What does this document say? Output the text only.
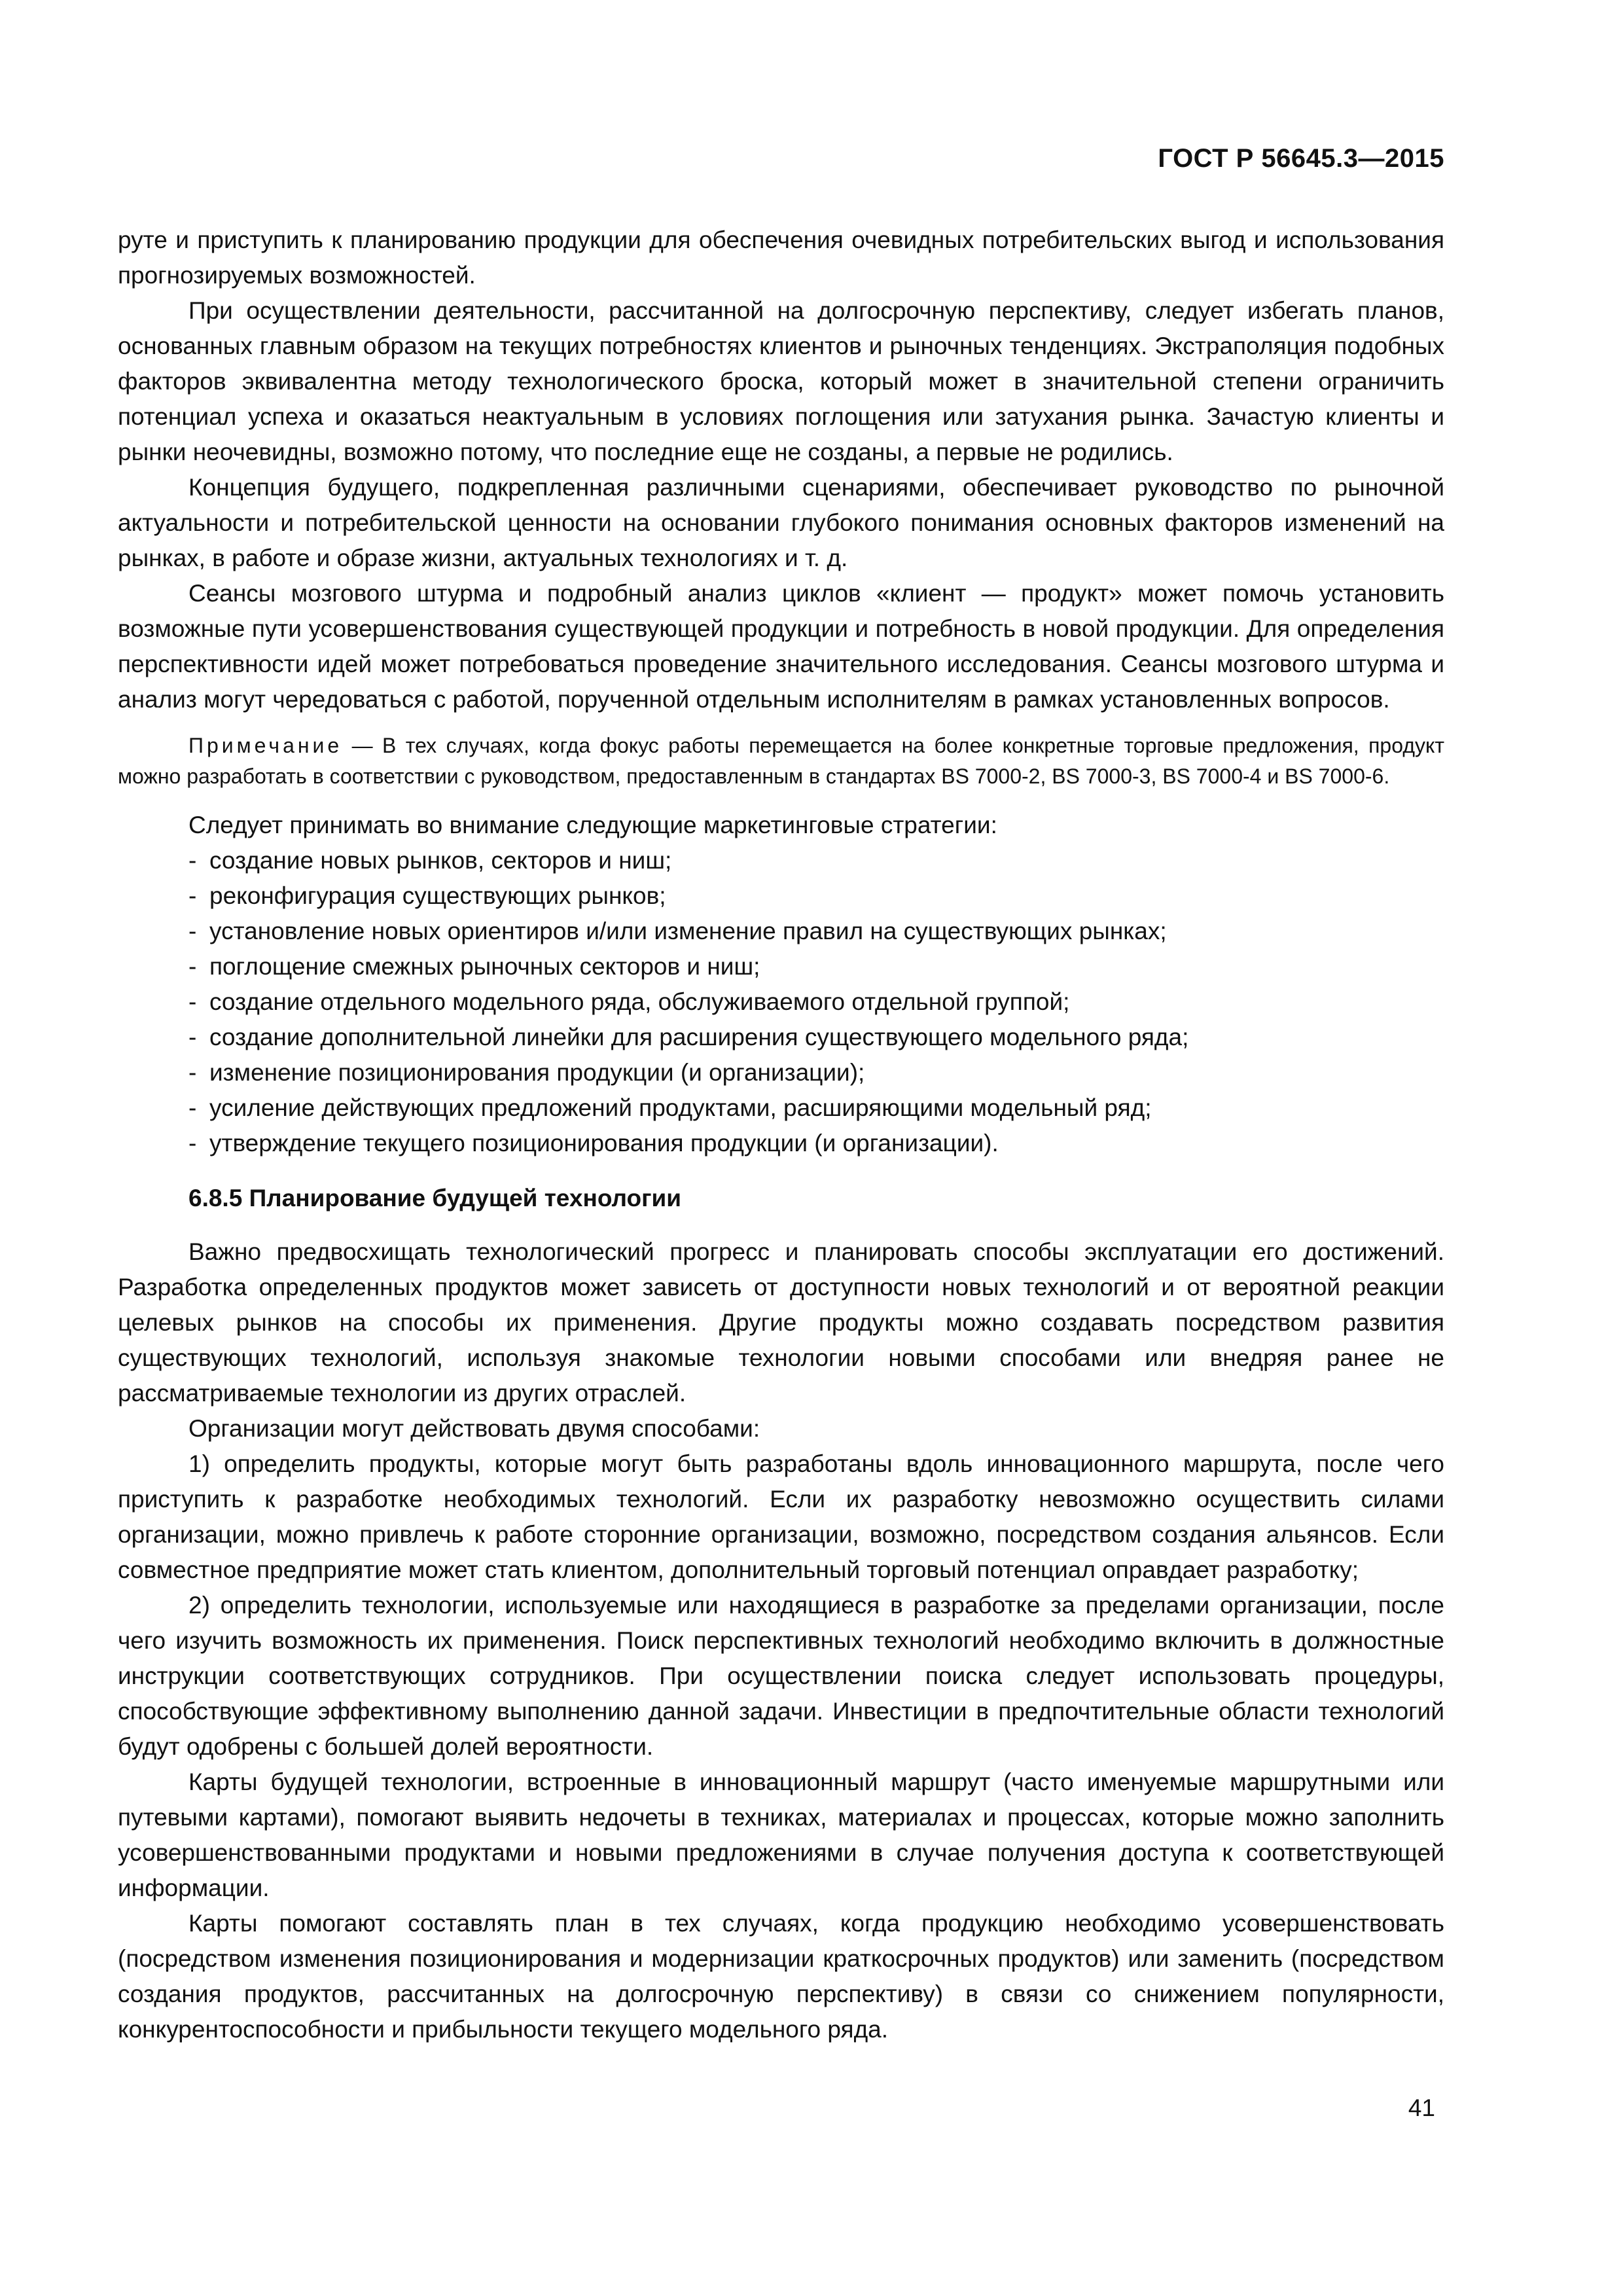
ГОСТ Р 56645.3—2015

руте и приступить к планированию продукции для обеспечения очевидных потребительских выгод и использования прогнозируемых возможностей.

При осуществлении деятельности, рассчитанной на долгосрочную перспективу, следует избегать планов, основанных главным образом на текущих потребностях клиентов и рыночных тенденциях. Экстраполяция подобных факторов эквивалентна методу технологического броска, который может в значительной степени ограничить потенциал успеха и оказаться неактуальным в условиях поглощения или затухания рынка. Зачастую клиенты и рынки неочевидны, возможно потому, что последние еще не созданы, а первые не родились.

Концепция будущего, подкрепленная различными сценариями, обеспечивает руководство по рыночной актуальности и потребительской ценности на основании глубокого понимания основных факторов изменений на рынках, в работе и образе жизни, актуальных технологиях и т. д.

Сеансы мозгового штурма и подробный анализ циклов «клиент — продукт» может помочь установить возможные пути усовершенствования существующей продукции и потребность в новой продукции. Для определения перспективности идей может потребоваться проведение значительного исследования. Сеансы мозгового штурма и анализ могут чередоваться с работой, порученной отдельным исполнителям в рамках установленных вопросов.

Примечание — В тех случаях, когда фокус работы перемещается на более конкретные торговые предложения, продукт можно разработать в соответствии с руководством, предоставленным в стандартах BS 7000-2, BS 7000-3, BS 7000-4 и BS 7000-6.

Следует принимать во внимание следующие маркетинговые стратегии:

- создание новых рынков, секторов и ниш;
- реконфигурация существующих рынков;
- установление новых ориентиров и/или изменение правил на существующих рынках;
- поглощение смежных рыночных секторов и ниш;
- создание отдельного модельного ряда, обслуживаемого отдельной группой;
- создание дополнительной линейки для расширения существующего модельного ряда;
- изменение позиционирования продукции (и организации);
- усиление действующих предложений продуктами, расширяющими модельный ряд;
- утверждение текущего позиционирования продукции (и организации).

6.8.5 Планирование будущей технологии

Важно предвосхищать технологический прогресс и планировать способы эксплуатации его достижений. Разработка определенных продуктов может зависеть от доступности новых технологий и от вероятной реакции целевых рынков на способы их применения. Другие продукты можно создавать посредством развития существующих технологий, используя знакомые технологии новыми способами или внедряя ранее не рассматриваемые технологии из других отраслей.

Организации могут действовать двумя способами:

1) определить продукты, которые могут быть разработаны вдоль инновационного маршрута, после чего приступить к разработке необходимых технологий. Если их разработку невозможно осуществить силами организации, можно привлечь к работе сторонние организации, возможно, посредством создания альянсов. Если совместное предприятие может стать клиентом, дополнительный торговый потенциал оправдает разработку;

2) определить технологии, используемые или находящиеся в разработке за пределами организации, после чего изучить возможность их применения. Поиск перспективных технологий необходимо включить в должностные инструкции соответствующих сотрудников. При осуществлении поиска следует использовать процедуры, способствующие эффективному выполнению данной задачи. Инвестиции в предпочтительные области технологий будут одобрены с большей долей вероятности.

Карты будущей технологии, встроенные в инновационный маршрут (часто именуемые маршрутными или путевыми картами), помогают выявить недочеты в техниках, материалах и процессах, которые можно заполнить усовершенствованными продуктами и новыми предложениями в случае получения доступа к соответствующей информации.

Карты помогают составлять план в тех случаях, когда продукцию необходимо усовершенствовать (посредством изменения позиционирования и модернизации краткосрочных продуктов) или заменить (посредством создания продуктов, рассчитанных на долгосрочную перспективу) в связи со снижением популярности, конкурентоспособности и прибыльности текущего модельного ряда.

41
